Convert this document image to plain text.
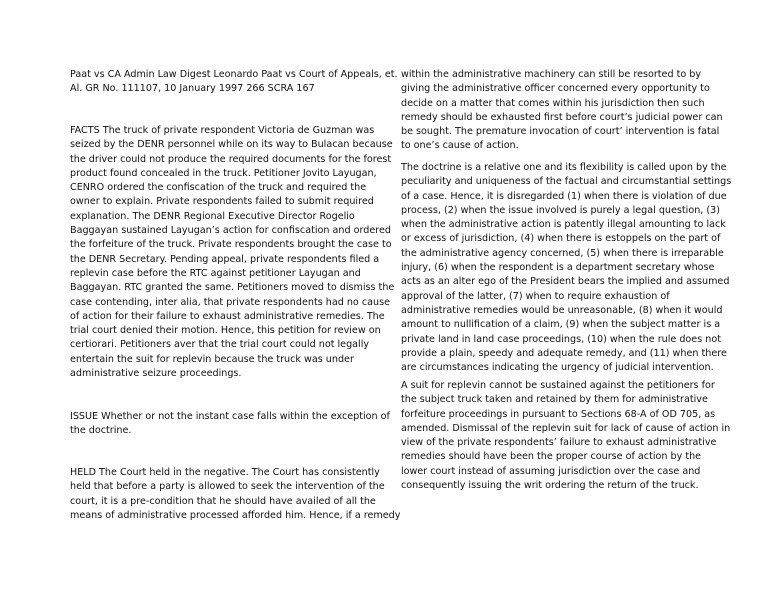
Paat vs CA Admin Law Digest Leonardo Paat vs Court of Appeals, et.
Al. GR No. 111107, 10 January 1997 266 SCRA 167

FACTS The truck of private respondent Victoria de Guzman was
seized by the DENR personnel while on its way to Bulacan because
the driver could not produce the required documents for the forest
product found concealed in the truck. Petitioner Jovito Layugan,
CENRO ordered the confiscation of the truck and required the
owner to explain. Private respondents failed to submit required
explanation. The DENR Regional Executive Director Rogelio
Baggayan sustained Layugan’s action for confiscation and ordered
the forfeiture of the truck. Private respondents brought the case to
the DENR Secretary. Pending appeal, private respondents filed a
replevin case before the RTC against petitioner Layugan and
Baggayan. RTC granted the same. Petitioners moved to dismiss the
case contending, inter alia, that private respondents had no cause
of action for their failure to exhaust administrative remedies. The
trial court denied their motion. Hence, this petition for review on
certiorari. Petitioners aver that the trial court could not legally
entertain the suit for replevin because the truck was under
administrative seizure proceedings.

ISSUE Whether or not the instant case falls within the exception of
the doctrine.

HELD The Court held in the negative. The Court has consistently
held that before a party is allowed to seek the intervention of the
court, it is a pre-condition that he should have availed of all the
means of administrative processed afforded him. Hence, if a remedy

within the administrative machinery can still be resorted to by
giving the administrative officer concerned every opportunity to
decide on a matter that comes within his jurisdiction then such
remedy should be exhausted first before court’s judicial power can
be sought. The premature invocation of court’ intervention is fatal
to one’s cause of action.

The doctrine is a relative one and its flexibility is called upon by the
peculiarity and uniqueness of the factual and circumstantial settings
of a case. Hence, it is disregarded (1) when there is violation of due
process, (2) when the issue involved is purely a legal question, (3)
when the administrative action is patently illegal amounting to lack
or excess of jurisdiction, (4) when there is estoppels on the part of
the administrative agency concerned, (5) when there is irreparable
injury, (6) when the respondent is a department secretary whose
acts as an alter ego of the President bears the implied and assumed
approval of the latter, (7) when to require exhaustion of
administrative remedies would be unreasonable, (8) when it would
amount to nullification of a claim, (9) when the subject matter is a
private land in land case proceedings, (10) when the rule does not
provide a plain, speedy and adequate remedy, and (11) when there
are circumstances indicating the urgency of judicial intervention.

A suit for replevin cannot be sustained against the petitioners for
the subject truck taken and retained by them for administrative
forfeiture proceedings in pursuant to Sections 68-A of OD 705, as
amended. Dismissal of the replevin suit for lack of cause of action in
view of the private respondents’ failure to exhaust administrative
remedies should have been the proper course of action by the
lower court instead of assuming jurisdiction over the case and
consequently issuing the writ ordering the return of the truck.
